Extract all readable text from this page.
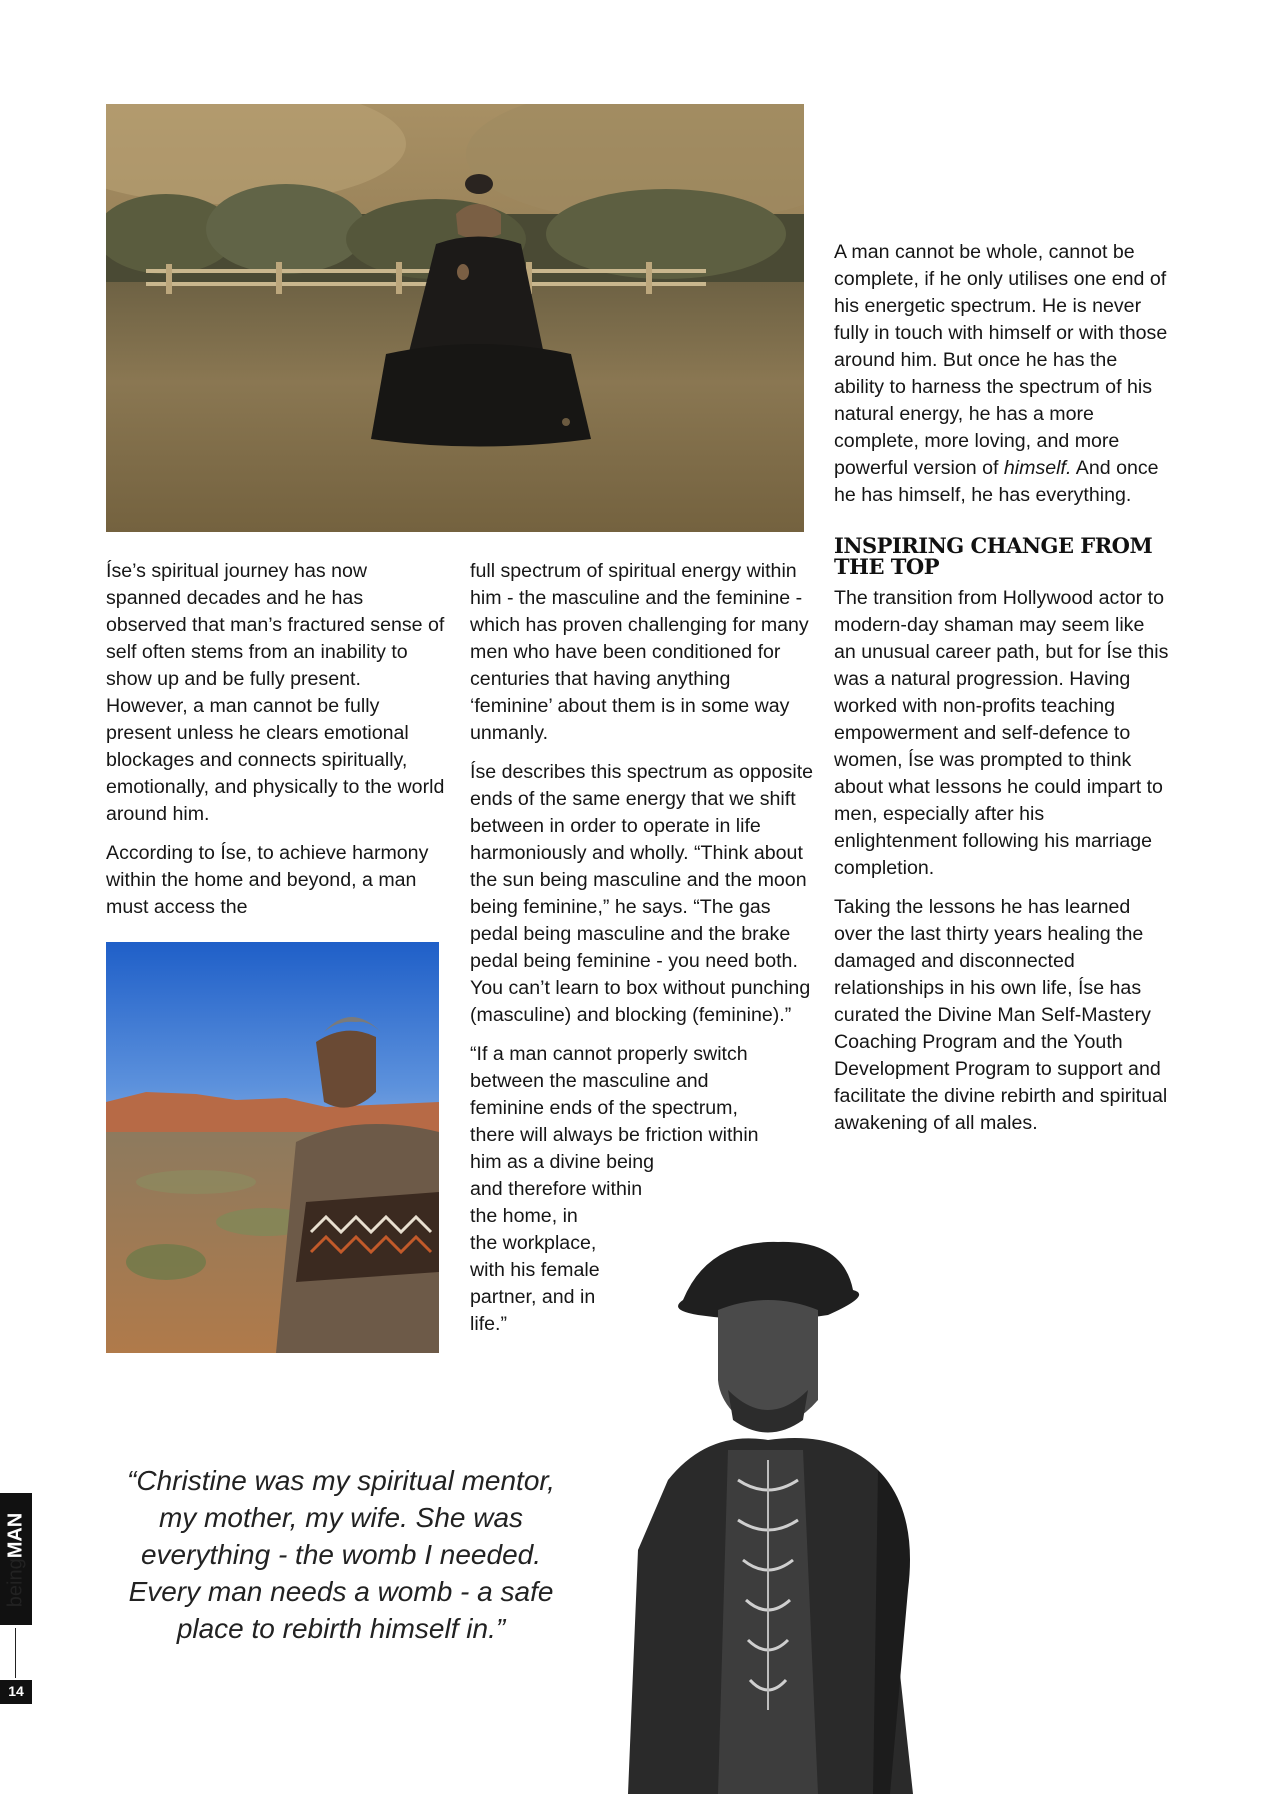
Íse’s spiritual journey has now spanned decades and he has observed that man’s fractured sense of self often stems from an inability to show up and be fully present. However, a man cannot be fully present unless he clears emotional blockages and connects spiritually, emotionally, and physically to the world around him.

According to Íse, to achieve harmony within the home and beyond, a man must access the

full spectrum of spiritual energy within him - the masculine and the feminine - which has proven challenging for many men who have been conditioned for centuries that having anything ‘feminine’ about them is in some way unmanly.

Íse describes this spectrum as opposite ends of the same energy that we shift between in order to operate in life harmoniously and wholly. “Think about the sun being masculine and the moon being feminine,” he says. “The gas pedal being masculine and the brake pedal being feminine - you need both. You can’t learn to box without punching (masculine) and blocking (feminine).”

“If a man cannot properly switch
between the masculine and
feminine ends of the spectrum,
there will always be friction within
him as a divine being
and therefore within
the home, in
the workplace,
with his female
partner, and in
life.”

A man cannot be whole, cannot be complete, if he only utilises one end of his energetic spectrum. He is never fully in touch with himself or with those around him. But once he has the ability to harness the spectrum of his natural energy, he has a more complete, more loving, and more powerful version of himself. And once he has himself, he has everything.

INSPIRING CHANGE FROM THE TOP

The transition from Hollywood actor to modern-day shaman may seem like an unusual career path, but for Íse this was a natural progression. Having worked with non-profits teaching empowerment and self-defence to women, Íse was prompted to think about what lessons he could impart to men, especially after his enlightenment following his marriage completion.

Taking the lessons he has learned over the last thirty years healing the damaged and disconnected relationships in his own life, Íse has curated the Divine Man Self-Mastery Coaching Program and the Youth Development Program to support and facilitate the divine rebirth and spiritual awakening of all males.

“Christine was my spiritual mentor, my mother, my wife. She was everything - the womb I needed. Every man needs a womb - a safe place to rebirth himself in.”
beingMAN
14
